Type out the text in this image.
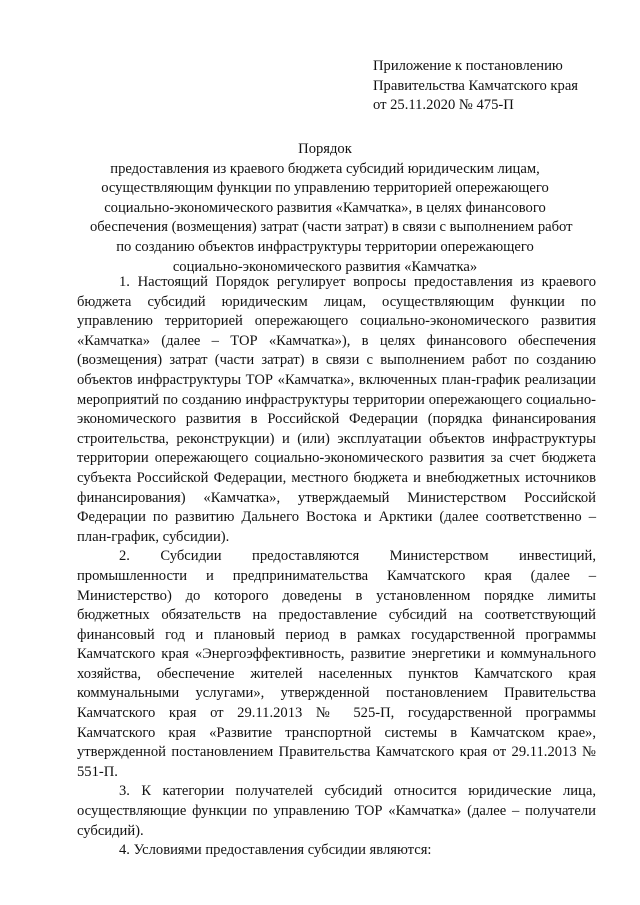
Приложение к постановлению
Правительства Камчатского края
от 25.11.2020 № 475-П
Порядок
предоставления из краевого бюджета субсидий юридическим лицам,
осуществляющим функции по управлению территорией опережающего
социально-экономического развития «Камчатка», в целях финансового
обеспечения (возмещения) затрат (части затрат) в связи с выполнением работ
по созданию объектов инфраструктуры территории опережающего
социально-экономического развития «Камчатка»

1. Настоящий Порядок регулирует вопросы предоставления из краевого бюджета субсидий юридическим лицам, осуществляющим функции по управлению территорией опережающего социально-экономического развития «Камчатка» (далее – ТОР «Камчатка»), в целях финансового обеспечения (возмещения) затрат (части затрат) в связи с выполнением работ по созданию объектов инфраструктуры ТОР «Камчатка», включенных план-график реализации мероприятий по созданию инфраструктуры территории опережающего социально-экономического развития в Российской Федерации (порядка финансирования строительства, реконструкции) и (или) эксплуатации объектов инфраструктуры территории опережающего социально-экономического развития за счет бюджета субъекта Российской Федерации, местного бюджета и внебюджетных источников финансирования) «Камчатка», утверждаемый Министерством Российской Федерации по развитию Дальнего Востока и Арктики (далее соответственно – план-график, субсидии).

2. Субсидии предоставляются Министерством инвестиций, промышленности и предпринимательства Камчатского края (далее – Министерство) до которого доведены в установленном порядке лимиты бюджетных обязательств на предоставление субсидий на соответствующий финансовый год и плановый период в рамках государственной программы Камчатского края «Энергоэффективность, развитие энергетики и коммунального хозяйства, обеспечение жителей населенных пунктов Камчатского края коммунальными услугами», утвержденной постановлением Правительства Камчатского края от 29.11.2013 № 525-П, государственной программы Камчатского края «Развитие транспортной системы в Камчатском крае», утвержденной постановлением Правительства Камчатского края от 29.11.2013 № 551-П.

3. К категории получателей субсидий относится юридические лица, осуществляющие функции по управлению ТОР «Камчатка» (далее – получатели субсидий).

4. Условиями предоставления субсидии являются:
